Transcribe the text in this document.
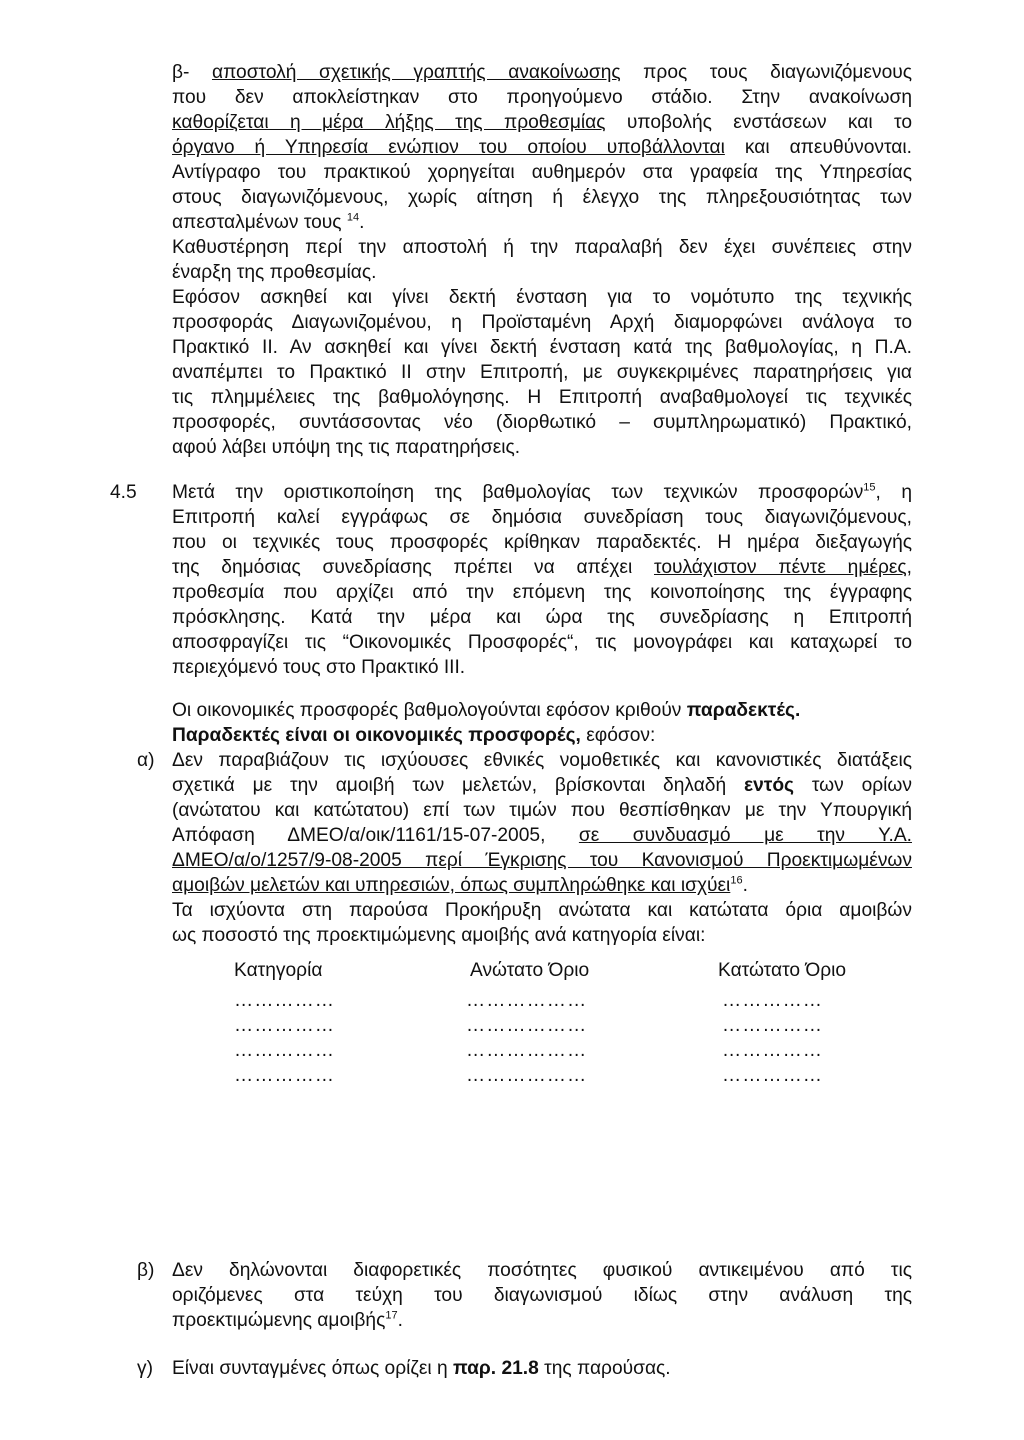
β- αποστολή σχετικής γραπτής ανακοίνωσης προς τους διαγωνιζόμενους
που δεν αποκλείστηκαν στο προηγούμενο στάδιο. Στην ανακοίνωση
καθορίζεται η μέρα λήξης της προθεσμίας υποβολής ενστάσεων και το
όργανο ή Υπηρεσία ενώπιον του οποίου υποβάλλονται και απευθύνονται.
Αντίγραφο του πρακτικού χορηγείται αυθημερόν στα γραφεία της Υπηρεσίας
στους διαγωνιζόμενους, χωρίς αίτηση ή έλεγχο της πληρεξουσιότητας των
απεσταλμένων τους $^{14}$.
Καθυστέρηση περί την αποστολή ή την παραλαβή δεν έχει συνέπειες στην
έναρξη της προθεσμίας.
Εφόσον ασκηθεί και γίνει δεκτή ένσταση για το νομότυπο της τεχνικής
προσφοράς Διαγωνιζομένου, η Προϊσταμένη Αρχή διαμορφώνει ανάλογα το
Πρακτικό ΙΙ. Αν ασκηθεί και γίνει δεκτή ένσταση κατά της βαθμολογίας, η Π.Α.
αναπέμπει το Πρακτικό ΙΙ στην Επιτροπή, με συγκεκριμένες παρατηρήσεις για
τις πλημμέλειες της βαθμολόγησης. Η Επιτροπή αναβαθμολογεί τις τεχνικές
προσφορές, συντάσσοντας νέο (διορθωτικό – συμπληρωματικό) Πρακτικό,
αφού λάβει υπόψη της τις παρατηρήσεις.
4.5 Μετά την οριστικοποίηση της βαθμολογίας των τεχνικών προσφορών$^{15}$, η
Επιτροπή καλεί εγγράφως σε δημόσια συνεδρίαση τους διαγωνιζόμενους,
που οι τεχνικές τους προσφορές κρίθηκαν παραδεκτές. Η ημέρα διεξαγωγής
της δημόσιας συνεδρίασης πρέπει να απέχει τουλάχιστον πέντε ημέρες,
προθεσμία που αρχίζει από την επόμενη της κοινοποίησης της έγγραφης
πρόσκλησης. Κατά την μέρα και ώρα της συνεδρίασης η Επιτροπή
αποσφραγίζει τις “Οικονομικές Προσφορές“, τις μονογράφει και καταχωρεί το
περιεχόμενό τους στο Πρακτικό ΙΙΙ.
Οι οικονομικές προσφορές βαθμολογούνται εφόσον κριθούν παραδεκτές.
Παραδεκτές είναι οι οικονομικές προσφορές, εφόσον:
α) Δεν παραβιάζουν τις ισχύουσες εθνικές νομοθετικές και κανονιστικές διατάξεις
σχετικά με την αμοιβή των μελετών, βρίσκονται δηλαδή εντός των ορίων
(ανώτατου και κατώτατου) επί των τιμών που θεσπίσθηκαν με την Υπουργική
Απόφαση ΔΜΕΟ/α/οικ/1161/15-07-2005, σε συνδυασμό με την Υ.Α.
ΔΜΕΟ/α/ο/1257/9-08-2005 περί Έγκρισης του Κανονισμού Προεκτιμωμένων
αμοιβών μελετών και υπηρεσιών, όπως συμπληρώθηκε και ισχύει$^{16}$.
Τα ισχύοντα στη παρούσα Προκήρυξη ανώτατα και κατώτατα όρια αμοιβών
ως ποσοστό της προεκτιμώμενης αμοιβής ανά κατηγορία είναι:
Κατηγορία	Ανώτατο Όριο	Κατώτατο Όριο
……………	………………	……………
……………	………………	……………
……………	………………	……………
……………	………………	……………
β) Δεν δηλώνονται διαφορετικές ποσότητες φυσικού αντικειμένου από τις
οριζόμενες στα τεύχη του διαγωνισμού ιδίως στην ανάλυση της
προεκτιμώμενης αμοιβής$^{17}$.
γ) Είναι συνταγμένες όπως ορίζει η παρ. 21.8 της παρούσας.
